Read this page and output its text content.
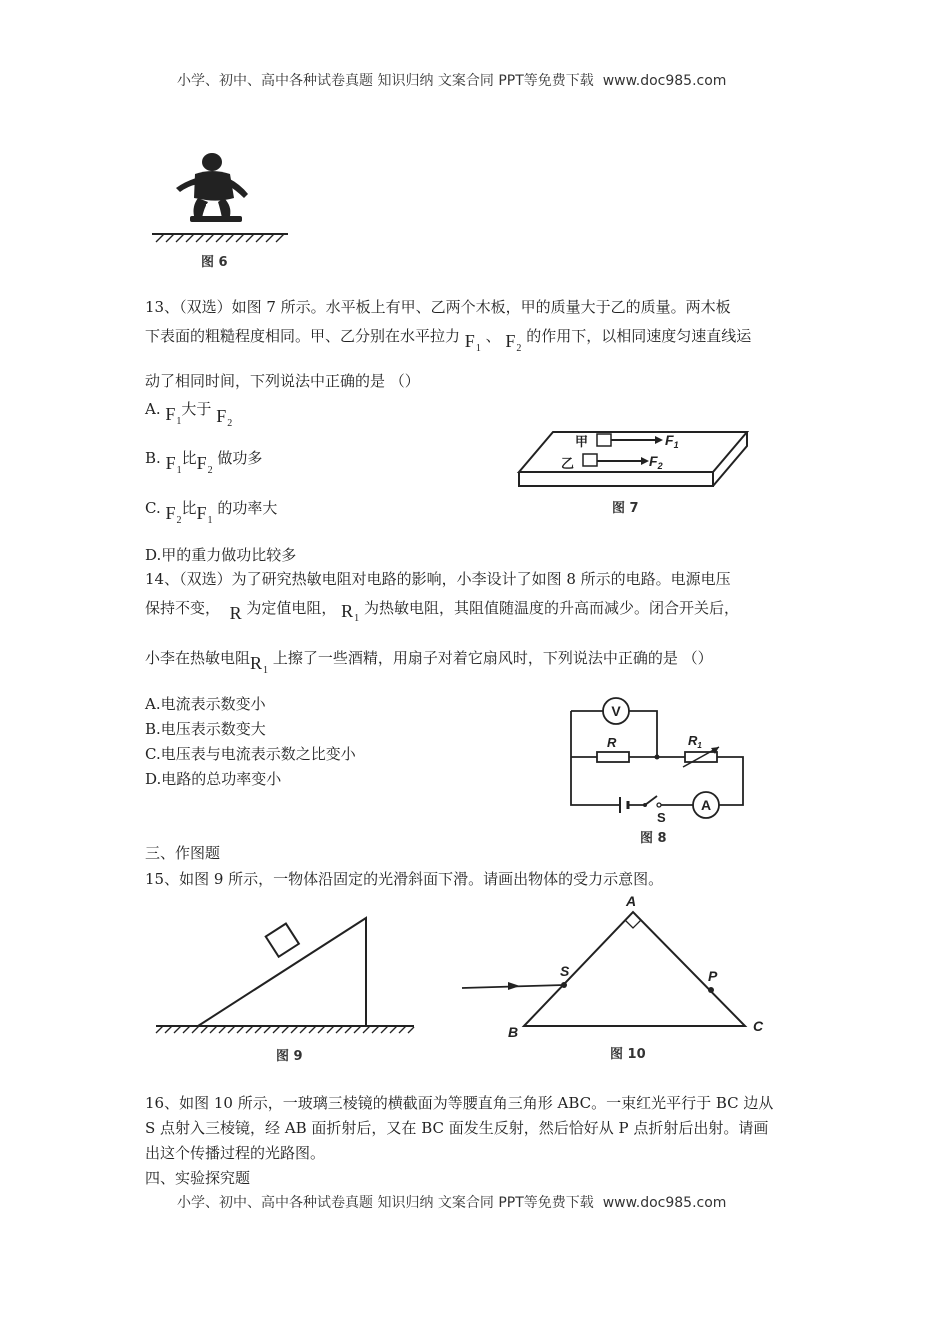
小学、初中、高中各种试卷真题 知识归纳 文案合同 PPT等免费下载 www.doc985.com
图 6
13、（双选）如图 7 所示。水平板上有甲、乙两个木板，甲的质量大于乙的质量。两木板
下表面的粗糙程度相同。甲、乙分别在水平拉力 $F_1$ 、 $F_2$ 的作用下，以相同速度匀速直线运
动了相同时间，下列说法中正确的是 （）
A. $F_1$大于 $F_2$
B. $F_1$比$F_2$ 做功多
C. $F_2$比$F_1$ 的功率大
D.甲的重力做功比较多
甲
乙
$F_1$
$F_2$
图 7
14、（双选）为了研究热敏电阻对电路的影响，小李设计了如图 8 所示的电路。电源电压
保持不变， R 为定值电阻， $R_1$ 为热敏电阻，其阻值随温度的升高而减少。闭合开关后，
小李在热敏电阻$R_1$ 上擦了一些酒精，用扇子对着它扇风时，下列说法中正确的是 （）
A.电流表示数变小
B.电压表示数变大
C.电压表与电流表示数之比变小
D.电路的总功率变小
V
A
R	$R_1$
S
图 8
三、作图题
15、如图 9 所示，一物体沿固定的光滑斜面下滑。请画出物体的受力示意图。
图 9
A
B	C
S	P
图 10
16、如图 10 所示，一玻璃三棱镜的横截面为等腰直角三角形 ABC。一束红光平行于 BC 边从
S 点射入三棱镜，经 AB 面折射后，又在 BC 面发生反射，然后恰好从 P 点折射后出射。请画
出这个传播过程的光路图。
四、实验探究题
小学、初中、高中各种试卷真题 知识归纳 文案合同 PPT等免费下载 www.doc985.com
